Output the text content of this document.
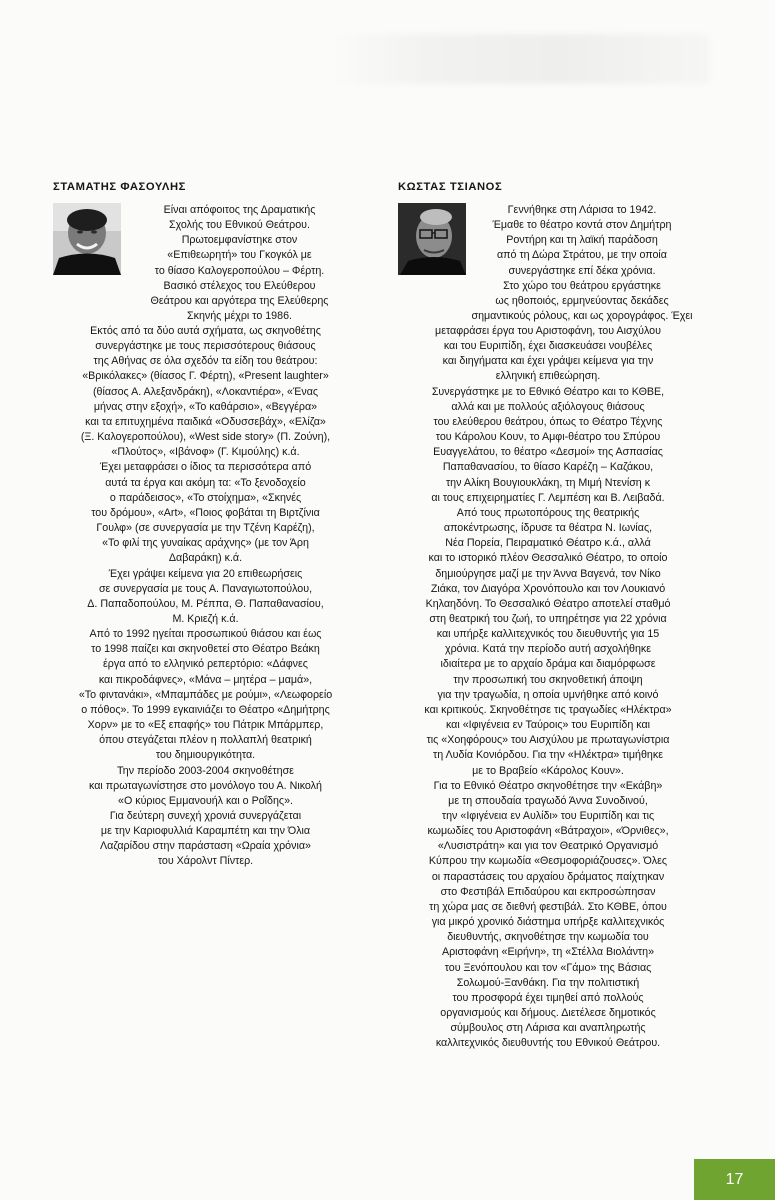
ΣΤΑΜΑΤΗΣ ΦΑΣΟΥΛΗΣ
Είναι απόφοιτος της Δραματικής
Σχολής του Εθνικού Θεάτρου.
Πρωτοεμφανίστηκε στον
«Επιθεωρητή» του Γκογκόλ με
το θίασο Καλογεροπούλου – Φέρτη.
Βασικό στέλεχος του Ελεύθερου
Θεάτρου και αργότερα της Ελεύθερης
Σκηνής μέχρι το 1986.
Εκτός από τα δύο αυτά σχήματα, ως σκηνοθέτης
συνεργάστηκε με τους περισσότερους θιάσους
της Αθήνας σε όλα σχεδόν τα είδη του θεάτρου:
«Βρικόλακες» (θίασος Γ. Φέρτη), «Present laughter»
(θίασος Α. Αλεξανδράκη), «Λοκαντιέρα», «Ένας
μήνας στην εξοχή», «Το καθάρσιο», «Βεγγέρα»
και τα επιτυχημένα παιδικά «Οδυσσεβάχ», «Ελίζα»
(Ξ. Καλογεροπούλου), «West side story» (Π. Ζούνη),
«Πλούτος», «Ιβάνοφ» (Γ. Κιμούλης) κ.ά.
Έχει μεταφράσει ο ίδιος τα περισσότερα από
αυτά τα έργα και ακόμη τα: «Το ξενοδοχείο
ο παράδεισος», «Το στοίχημα», «Σκηνές
του δρόμου», «Art», «Ποιος φοβάται τη Βιρτζίνια
Γουλφ» (σε συνεργασία με την Τζένη Καρέζη),
«Το φιλί της γυναίκας αράχνης» (με τον Άρη
Δαβαράκη) κ.ά.
Έχει γράψει κείμενα για 20 επιθεωρήσεις
σε συνεργασία με τους Α. Παναγιωτοπούλου,
Δ. Παπαδοπούλου, Μ. Ρέππα, Θ. Παπαθανασίου,
Μ. Κριεζή κ.ά.
Από το 1992 ηγείται προσωπικού θιάσου και έως
το 1998 παίζει και σκηνοθετεί στο Θέατρο Βεάκη
έργα από το ελληνικό ρεπερτόριο: «Δάφνες
και πικροδάφνες», «Μάνα – μητέρα – μαμά»,
«Το φιντανάκι», «Μπαμπάδες με ρούμι», «Λεωφορείο
ο πόθος». Το 1999 εγκαινιάζει το Θέατρο «Δημήτρης
Χορν» με το «Εξ επαφής» του Πάτρικ Μπάρμπερ,
όπου στεγάζεται πλέον η πολλαπλή θεατρική
του δημιουργικότητα.
Την περίοδο 2003-2004 σκηνοθέτησε
και πρωταγωνίστησε στο μονόλογο του Α. Νικολή
«Ο κύριος Εμμανουήλ και ο Ροΐδης».
Για δεύτερη συνεχή χρονιά συνεργάζεται
με την Καριοφυλλιά Καραμπέτη και την Όλια
Λαζαρίδου στην παράσταση «Ωραία χρόνια»
του Χάρολντ Πίντερ.
ΚΩΣΤΑΣ ΤΣΙΑΝΟΣ
Γεννήθηκε στη Λάρισα το 1942.
Έμαθε το θέατρο κοντά στον Δημήτρη
Ροντήρη και τη λαϊκή παράδοση
από τη Δώρα Στράτου, με την οποία
συνεργάστηκε επί δέκα χρόνια.
Στο χώρο του θεάτρου εργάστηκε
ως ηθοποιός, ερμηνεύοντας δεκάδες
σημαντικούς ρόλους, και ως χορογράφος. Έχει
μεταφράσει έργα του Αριστοφάνη, του Αισχύλου
και του Ευριπίδη, έχει διασκευάσει νουβέλες
και διηγήματα και έχει γράψει κείμενα για την
ελληνική επιθεώρηση.
Συνεργάστηκε με το Εθνικό Θέατρο και το ΚΘΒΕ,
αλλά και με πολλούς αξιόλογους θιάσους
του ελεύθερου θεάτρου, όπως το Θέατρο Τέχνης
του Κάρολου Κουν, το Αμφι-θέατρο του Σπύρου
Ευαγγελάτου, το θέατρο «Δεσμοί» της Ασπασίας
Παπαθανασίου, το θίασο Καρέζη – Καζάκου,
την Αλίκη Βουγιουκλάκη, τη Μιμή Ντενίση κ
αι τους επιχειρηματίες Γ. Λεμπέση και Β. Λειβαδά.
Από τους πρωτοπόρους της θεατρικής
αποκέντρωσης, ίδρυσε τα θέατρα Ν. Ιωνίας,
Νέα Πορεία, Πειραματικό Θέατρο κ.ά., αλλά
και το ιστορικό πλέον Θεσσαλικό Θέατρο, το οποίο
δημιούργησε μαζί με την Άννα Βαγενά, τον Νίκο
Ζιάκα, τον Διαγόρα Χρονόπουλο και τον Λουκιανό
Κηλαηδόνη. Το Θεσσαλικό Θέατρο αποτελεί σταθμό
στη θεατρική του ζωή, το υπηρέτησε για 22 χρόνια
και υπήρξε καλλιτεχνικός του διευθυντής για 15
χρόνια. Κατά την περίοδο αυτή ασχολήθηκε
ιδιαίτερα με το αρχαίο δράμα και διαμόρφωσε
την προσωπική του σκηνοθετική άποψη
για την τραγωδία, η οποία υμνήθηκε από κοινό
και κριτικούς. Σκηνοθέτησε τις τραγωδίες «Ηλέκτρα»
και «Ιφιγένεια εν Ταύροις» του Ευριπίδη και
τις «Χοηφόρους» του Αισχύλου με πρωταγωνίστρια
τη Λυδία Κονιόρδου. Για την «Ηλέκτρα» τιμήθηκε
με το Βραβείο «Κάρολος Κουν».
Για το Εθνικό Θέατρο σκηνοθέτησε την «Εκάβη»
με τη σπουδαία τραγωδό Άννα Συνοδινού,
την «Ιφιγένεια εν Αυλίδι» του Ευριπίδη και τις
κωμωδίες του Αριστοφάνη «Βάτραχοι», «Όρνιθες»,
«Λυσιστράτη» και για τον Θεατρικό Οργανισμό
Κύπρου την κωμωδία «Θεσμοφοριάζουσες». Όλες
οι παραστάσεις του αρχαίου δράματος παίχτηκαν
στο Φεστιβάλ Επιδαύρου και εκπροσώπησαν
τη χώρα μας σε διεθνή φεστιβάλ. Στο ΚΘΒΕ, όπου
για μικρό χρονικό διάστημα υπήρξε καλλιτεχνικός
διευθυντής, σκηνοθέτησε την κωμωδία του
Αριστοφάνη «Ειρήνη», τη «Στέλλα Βιολάντη»
του Ξενόπουλου και τον «Γάμο» της Βάσιας
Σολωμού-Ξανθάκη. Για την πολιτιστική
του προσφορά έχει τιμηθεί από πολλούς
οργανισμούς και δήμους. Διετέλεσε δημοτικός
σύμβουλος στη Λάρισα και αναπληρωτής
καλλιτεχνικός διευθυντής του Εθνικού Θεάτρου.
17
